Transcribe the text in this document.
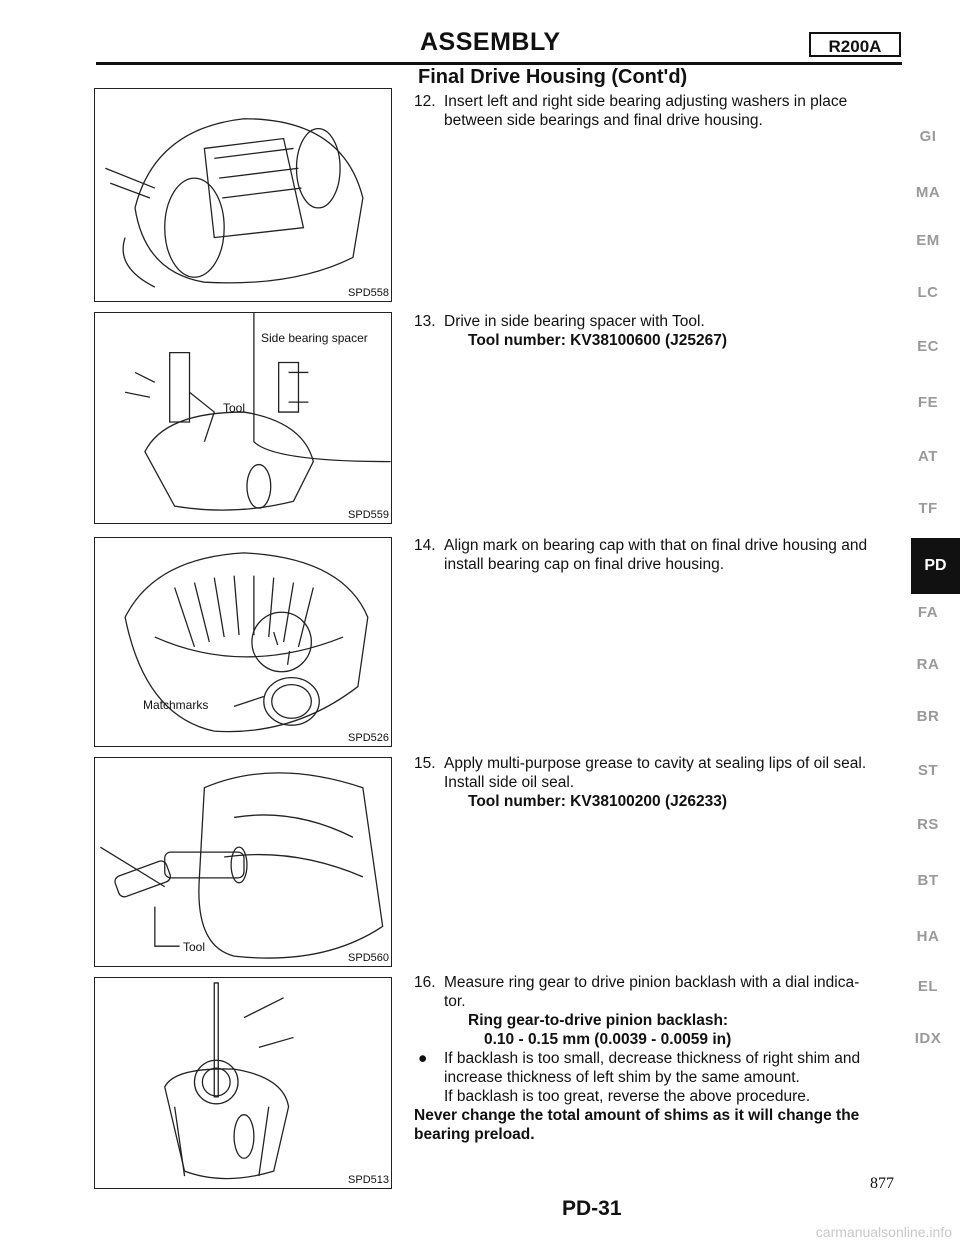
ASSEMBLY	R200A
Final Drive Housing (Cont'd)
SPD558
Side bearing spacer
Tool
SPD559
Matchmarks
SPD526
Tool
SPD560
SPD513
12. Insert left and right side bearing adjusting washers in place
between side bearings and final drive housing.
13. Drive in side bearing spacer with Tool.
Tool number: KV38100600 (J25267)
14. Align mark on bearing cap with that on final drive housing and
install bearing cap on final drive housing.
15. Apply multi-purpose grease to cavity at sealing lips of oil seal.
Install side oil seal.
Tool number: KV38100200 (J26233)
16. Measure ring gear to drive pinion backlash with a dial indica-
tor.
Ring gear-to-drive pinion backlash:
0.10 - 0.15 mm (0.0039 - 0.0059 in)
●	If backlash is too small, decrease thickness of right shim and
increase thickness of left shim by the same amount.
If backlash is too great, reverse the above procedure.
Never change the total amount of shims as it will change the
bearing preload.
GI
MA
EM
LC
EC
FE
AT
TF
PD
FA
RA
BR
ST
RS
BT
HA
EL
IDX
PD-31
877
carmanualsonline.info
